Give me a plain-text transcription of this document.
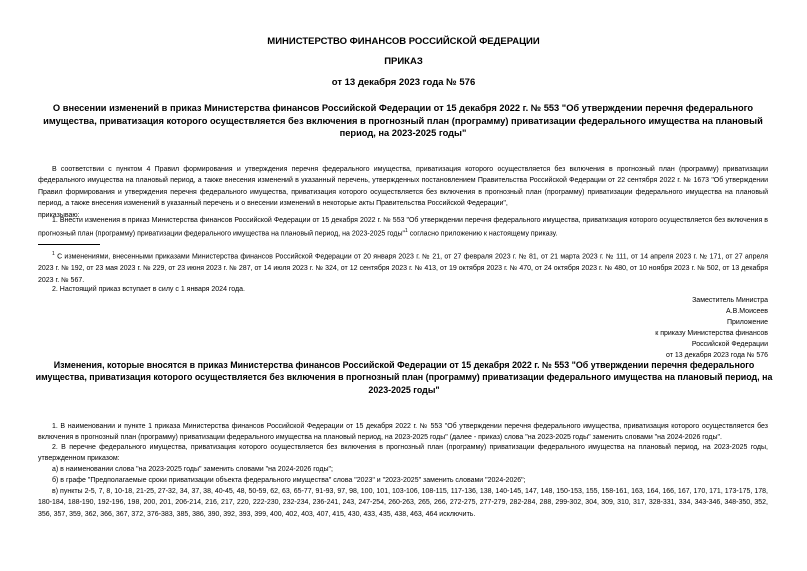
МИНИСТЕРСТВО ФИНАНСОВ РОССИЙСКОЙ ФЕДЕРАЦИИ
ПРИКАЗ
от 13 декабря 2023 года № 576
О внесении изменений в приказ Министерства финансов Российской Федерации от 15 декабря 2022 г. № 553 "Об утверждении перечня федерального имущества, приватизация которого осуществляется без включения в прогнозный план (программу) приватизации федерального имущества на плановый период, на 2023-2025 годы"
В соответствии с пунктом 4 Правил формирования и утверждения перечня федерального имущества, приватизация которого осуществляется без включения в прогнозный план (программу) приватизации федерального имущества на плановый период, а также внесения изменений в указанный перечень, утвержденных постановлением Правительства Российской Федерации от 22 сентября 2022 г. № 1673 "Об утверждении Правил формирования и утверждения перечня федерального имущества, приватизация которого осуществляется без включения в прогнозный план (программу) приватизации федерального имущества на плановый период, а также внесения изменений в указанный перечень и о внесении изменений в некоторые акты Правительства Российской Федерации",
приказываю:
1. Внести изменения в приказ Министерства финансов Российской Федерации от 15 декабря 2022 г. № 553 "Об утверждении перечня федерального имущества, приватизация которого осуществляется без включения в прогнозный план (программу) приватизации федерального имущества на плановый период, на 2023-2025 годы"$^1$ согласно приложению к настоящему приказу.
$^1$ С изменениями, внесенными приказами Министерства финансов Российской Федерации от 20 января 2023 г. № 21, от 27 февраля 2023 г. № 81, от 21 марта 2023 г. № 111, от 14 апреля 2023 г. № 171, от 27 апреля 2023 г. № 192, от 23 мая 2023 г. № 229, от 23 июня 2023 г. № 287, от 14 июля 2023 г. № 324, от 12 сентября 2023 г. № 413, от 19 октября 2023 г. № 470, от 24 октября 2023 г. № 480, от 10 ноября 2023 г. № 502, от 13 декабря 2023 г. № 567.
2. Настоящий приказ вступает в силу с 1 января 2024 года.
Заместитель Министра
А.В.Моисеев
Приложение
к приказу Министерства финансов
Российской Федерации
от 13 декабря 2023 года № 576
Изменения, которые вносятся в приказ Министерства финансов Российской Федерации от 15 декабря 2022 г. № 553 "Об утверждении перечня федерального имущества, приватизация которого осуществляется без включения в прогнозный план (программу) приватизации федерального имущества на плановый период, на 2023-2025 годы"
1. В наименовании и пункте 1 приказа Министерства финансов Российской Федерации от 15 декабря 2022 г. № 553 "Об утверждении перечня федерального имущества, приватизация которого осуществляется без включения в прогнозный план (программу) приватизации федерального имущества на плановый период, на 2023-2025 годы" (далее - приказ) слова "на 2023-2025 годы" заменить словами "на 2024-2026 годы".
2. В перечне федерального имущества, приватизация которого осуществляется без включения в прогнозный план (программу) приватизации федерального имущества на плановый период, на 2023-2025 годы, утвержденном приказом:
а) в наименовании слова "на 2023-2025 годы" заменить словами "на 2024-2026 годы";
б) в графе "Предполагаемые сроки приватизации объекта федерального имущества" слова "2023" и "2023-2025" заменить словами "2024-2026";
в) пункты 2-5, 7, 8, 10-18, 21-25, 27-32, 34, 37, 38, 40-45, 48, 50-59, 62, 63, 65-77, 91-93, 97, 98, 100, 101, 103-106, 108-115, 117-136, 138, 140-145, 147, 148, 150-153, 155, 158-161, 163, 164, 166, 167, 170, 171, 173-175, 178, 180-184, 188-190, 192-196, 198, 200, 201, 206-214, 216, 217, 220, 222-230, 232-234, 236-241, 243, 247-254, 260-263, 265, 266, 272-275, 277-279, 282-284, 288, 299-302, 304, 309, 310, 317, 328-331, 334, 343-346, 348-350, 352, 356, 357, 359, 362, 366, 367, 372, 376-383, 385, 386, 390, 392, 393, 399, 400, 402, 403, 407, 415, 430, 433, 435, 438, 463, 464 исключить.
